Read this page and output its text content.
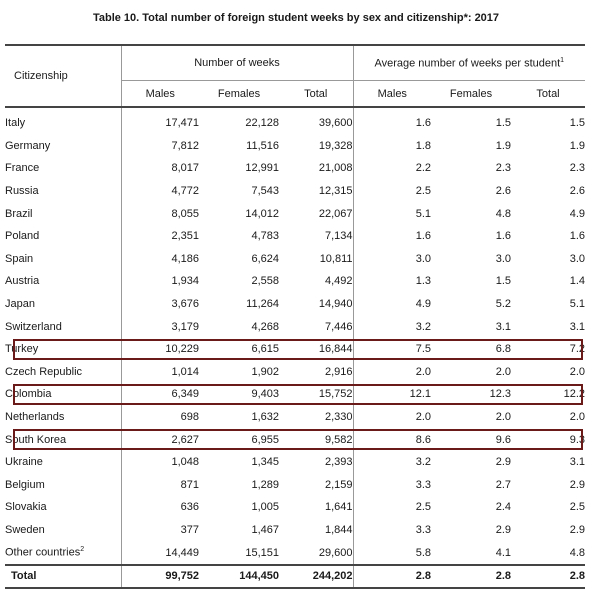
Table 10. Total number of foreign student weeks by sex and citizenship*: 2017
Citizenship	Number of weeks			Average number of weeks per student$^1$
	Males	Females	Total	Males	Females	Total
Italy	17,471	22,128	39,600	1.6	1.5	1.5
Germany	7,812	11,516	19,328	1.8	1.9	1.9
France	8,017	12,991	21,008	2.2	2.3	2.3
Russia	4,772	7,543	12,315	2.5	2.6	2.6
Brazil	8,055	14,012	22,067	5.1	4.8	4.9
Poland	2,351	4,783	7,134	1.6	1.6	1.6
Spain	4,186	6,624	10,811	3.0	3.0	3.0
Austria	1,934	2,558	4,492	1.3	1.5	1.4
Japan	3,676	11,264	14,940	4.9	5.2	5.1
Switzerland	3,179	4,268	7,446	3.2	3.1	3.1
Turkey	10,229	6,615	16,844	7.5	6.8	7.2
Czech Republic	1,014	1,902	2,916	2.0	2.0	2.0
Colombia	6,349	9,403	15,752	12.1	12.3	12.2
Netherlands	698	1,632	2,330	2.0	2.0	2.0
South Korea	2,627	6,955	9,582	8.6	9.6	9.3
Ukraine	1,048	1,345	2,393	3.2	2.9	3.1
Belgium	871	1,289	2,159	3.3	2.7	2.9
Slovakia	636	1,005	1,641	2.5	2.4	2.5
Sweden	377	1,467	1,844	3.3	2.9	2.9
Other countries$^2$	14,449	15,151	29,600	5.8	4.1	4.8
Total	99,752	144,450	244,202	2.8	2.8	2.8
